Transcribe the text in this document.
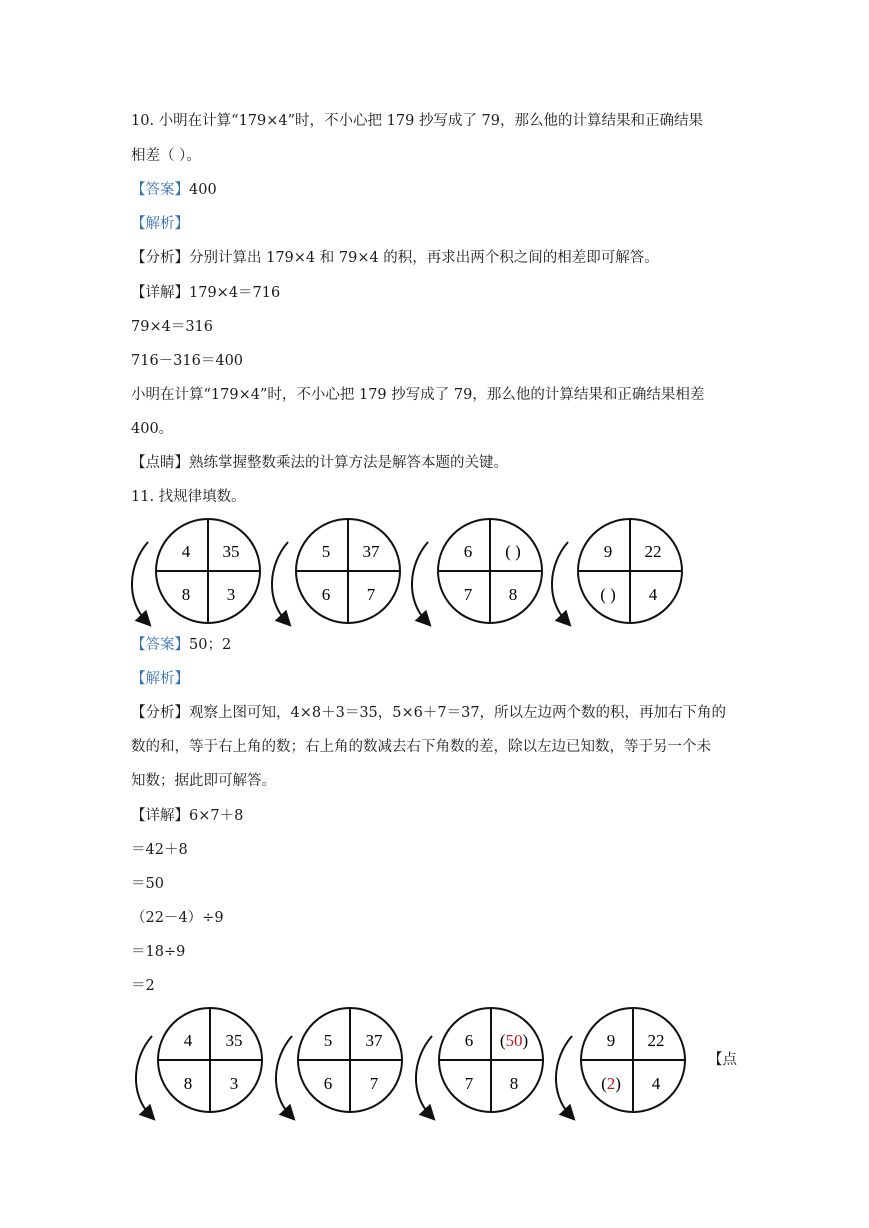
10. 小明在计算“179×4”时，不小心把 179 抄写成了 79，那么他的计算结果和正确结果
相差（ ）。
【答案】400
【解析】
【分析】分别计算出 179×4 和 79×4 的积，再求出两个积之间的相差即可解答。
【详解】179×4＝716
79×4＝316
716－316＝400
小明在计算“179×4”时，不小心把 179 抄写成了 79，那么他的计算结果和正确结果相差
400。
【点睛】熟练掌握整数乘法的计算方法是解答本题的关键。
11. 找规律填数。
4 35
8 3
5 37
6 7
6 ( )
7 8
9 22
( ) 4
【答案】50；2
【解析】
【分析】观察上图可知，4×8＋3＝35，5×6＋7＝37，所以左边两个数的积，再加右下角的
数的和，等于右上角的数；右上角的数减去右下角数的差，除以左边已知数，等于另一个未
知数；据此即可解答。
【详解】6×7＋8
＝42＋8
＝50
（22－4）÷9
＝18÷9
＝2
4 35
8 3
5 37
6 7
6 (50)
7 8
9 22
(2) 4
【点
